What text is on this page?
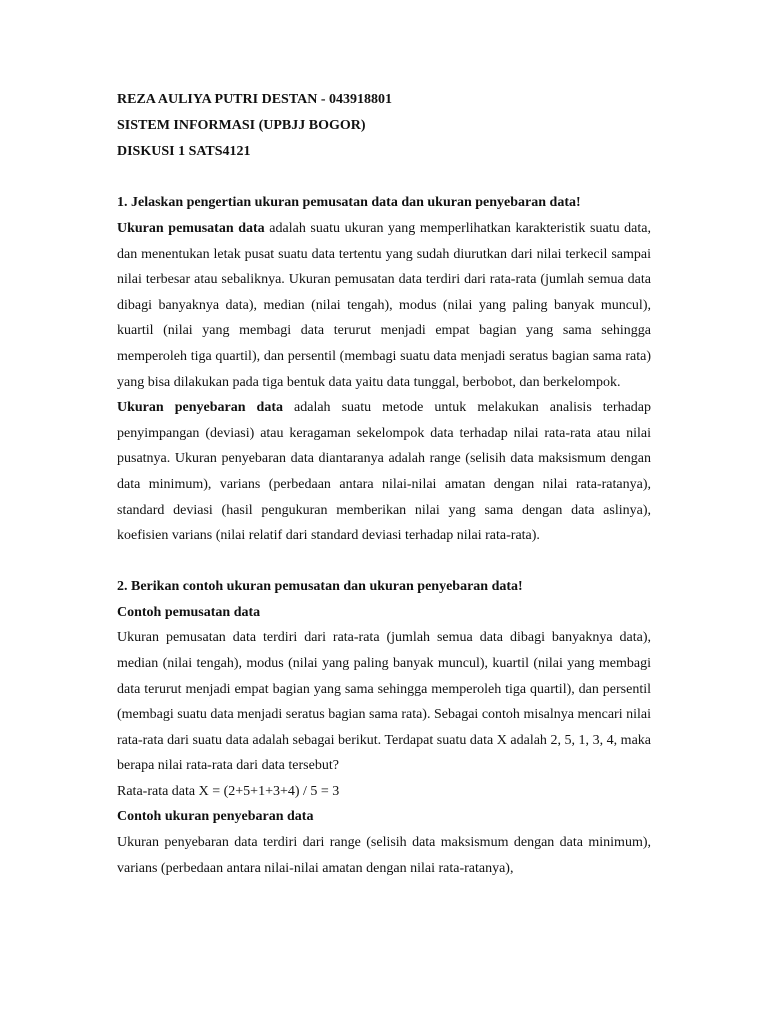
REZA AULIYA PUTRI DESTAN - 043918801

SISTEM INFORMASI (UPBJJ BOGOR)

DISKUSI 1 SATS4121

1. Jelaskan pengertian ukuran pemusatan data dan ukuran penyebaran data!

Ukuran pemusatan data adalah suatu ukuran yang memperlihatkan karakteristik suatu data, dan menentukan letak pusat suatu data tertentu yang sudah diurutkan dari nilai terkecil sampai nilai terbesar atau sebaliknya. Ukuran pemusatan data terdiri dari rata-rata (jumlah semua data dibagi banyaknya data), median (nilai tengah), modus (nilai yang paling banyak muncul), kuartil (nilai yang membagi data terurut menjadi empat bagian yang sama sehingga memperoleh tiga quartil), dan persentil (membagi suatu data menjadi seratus bagian sama rata) yang bisa dilakukan pada tiga bentuk data yaitu data tunggal, berbobot, dan berkelompok.

Ukuran penyebaran data adalah suatu metode untuk melakukan analisis terhadap penyimpangan (deviasi) atau keragaman sekelompok data terhadap nilai rata-rata atau nilai pusatnya. Ukuran penyebaran data diantaranya adalah range (selisih data maksismum dengan data minimum), varians (perbedaan antara nilai-nilai amatan dengan nilai rata-ratanya), standard deviasi (hasil pengukuran memberikan nilai yang sama dengan data aslinya), koefisien varians (nilai relatif dari standard deviasi terhadap nilai rata-rata).

2. Berikan contoh ukuran pemusatan dan ukuran penyebaran data!

Contoh pemusatan data

Ukuran pemusatan data terdiri dari rata-rata (jumlah semua data dibagi banyaknya data), median (nilai tengah), modus (nilai yang paling banyak muncul), kuartil (nilai yang membagi data terurut menjadi empat bagian yang sama sehingga memperoleh tiga quartil), dan persentil (membagi suatu data menjadi seratus bagian sama rata). Sebagai contoh misalnya mencari nilai rata-rata dari suatu data adalah sebagai berikut. Terdapat suatu data X adalah 2, 5, 1, 3, 4, maka berapa nilai rata-rata dari data tersebut?

Rata-rata data X = (2+5+1+3+4) / 5 = 3

Contoh ukuran penyebaran data

Ukuran penyebaran data terdiri dari range (selisih data maksismum dengan data minimum), varians (perbedaan antara nilai-nilai amatan dengan nilai rata-ratanya),
